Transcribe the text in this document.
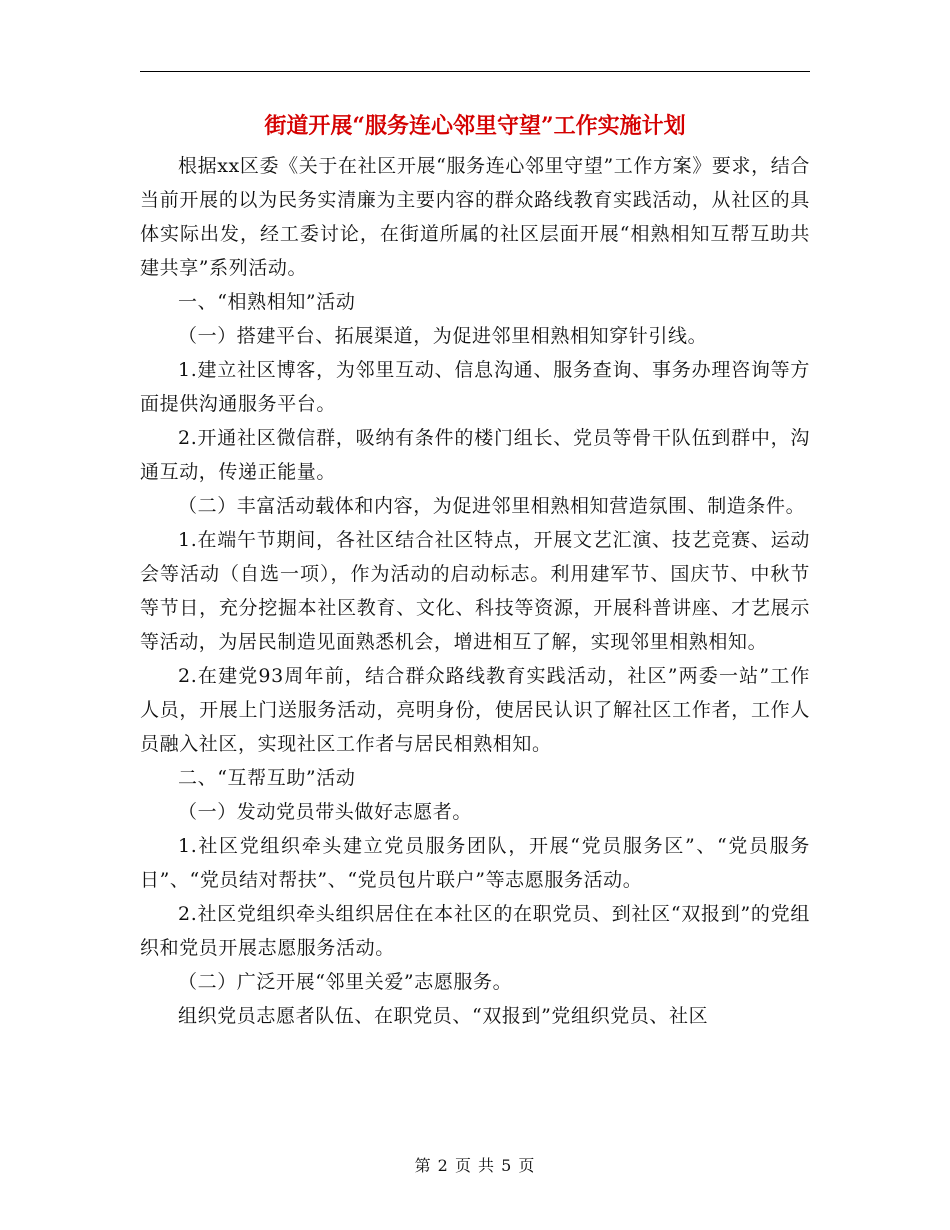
街道开展“服务连心邻里守望”工作实施计划

根据xx区委《关于在社区开展“服务连心邻里守望”工作方案》要求，结合当前开展的以为民务实清廉为主要内容的群众路线教育实践活动，从社区的具体实际出发，经工委讨论，在街道所属的社区层面开展“相熟相知互帮互助共建共享”系列活动。

一、“相熟相知”活动

（一）搭建平台、拓展渠道，为促进邻里相熟相知穿针引线。

1.建立社区博客，为邻里互动、信息沟通、服务查询、事务办理咨询等方面提供沟通服务平台。

2.开通社区微信群，吸纳有条件的楼门组长、党员等骨干队伍到群中，沟通互动，传递正能量。

（二）丰富活动载体和内容，为促进邻里相熟相知营造氛围、制造条件。

1.在端午节期间，各社区结合社区特点，开展文艺汇演、技艺竞赛、运动会等活动（自选一项），作为活动的启动标志。利用建军节、国庆节、中秋节等节日，充分挖掘本社区教育、文化、科技等资源，开展科普讲座、才艺展示等活动，为居民制造见面熟悉机会，增进相互了解，实现邻里相熟相知。

2.在建党93周年前，结合群众路线教育实践活动，社区”两委一站”工作人员，开展上门送服务活动，亮明身份，使居民认识了解社区工作者，工作人员融入社区，实现社区工作者与居民相熟相知。

二、“互帮互助”活动

（一）发动党员带头做好志愿者。

1.社区党组织牵头建立党员服务团队，开展“党员服务区”、“党员服务日”、“党员结对帮扶”、“党员包片联户”等志愿服务活动。

2.社区党组织牵头组织居住在本社区的在职党员、到社区“双报到”的党组织和党员开展志愿服务活动。

（二）广泛开展“邻里关爱”志愿服务。

组织党员志愿者队伍、在职党员、“双报到”党组织党员、社区

第 2 页 共 5 页
